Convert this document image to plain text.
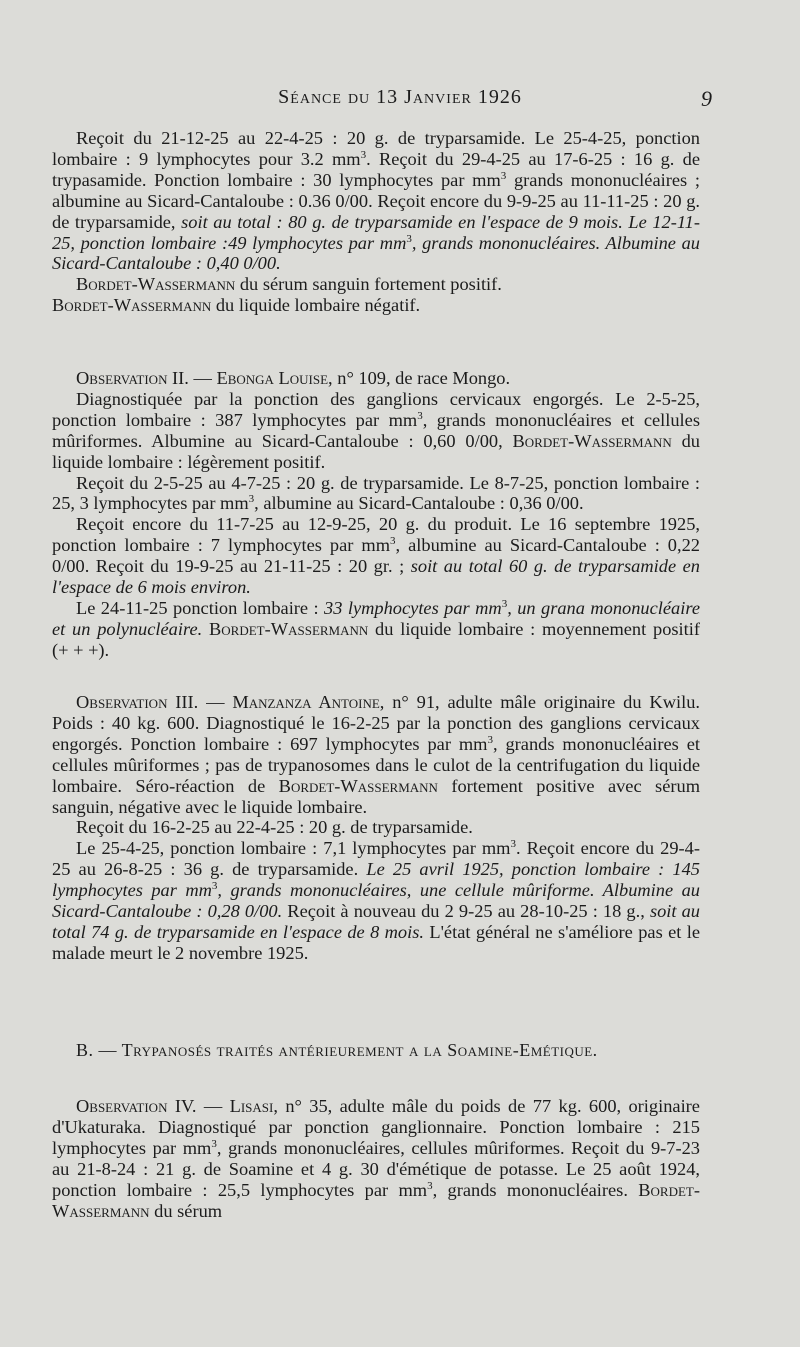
Séance du 13 Janvier 1926	9

Reçoit du 21-12-25 au 22-4-25 : 20 g. de tryparsamide. Le 25-4-25, ponction lombaire : 9 lymphocytes pour 3.2 $mm^3$. Reçoit du 29-4-25 au 17-6-25 : 16 g. de trypasamide. Ponction lombaire : 30 lymphocytes par $mm^3$ grands mononucléaires ; albumine au Sicard-Cantaloube : 0.36 0/00. Reçoit encore du 9-9-25 au 11-11-25 : 20 g. de tryparsamide, soit au total : 80 g. de tryparsamide en l'espace de 9 mois. Le 12-11-25, ponction lombaire :49 lymphocytes par $mm^3$, grands mononucléaires. Albumine au Sicard-Cantaloube : 0,40 0/00.

Bordet-Wassermann du sérum sanguin fortement positif.

Bordet-Wassermann du liquide lombaire négatif.

Observation II. — Ebonga Louise, n° 109, de race Mongo.

Diagnostiquée par la ponction des ganglions cervicaux engorgés. Le 2-5-25, ponction lombaire : 387 lymphocytes par $mm^3$, grands mononucléaires et cellules mûriformes. Albumine au Sicard-Cantaloube : 0,60 0/00, Bordet-Wassermann du liquide lombaire : légèrement positif.

Reçoit du 2-5-25 au 4-7-25 : 20 g. de tryparsamide. Le 8-7-25, ponction lombaire : 25, 3 lymphocytes par $mm^3$, albumine au Sicard-Cantaloube : 0,36 0/00.

Reçoit encore du 11-7-25 au 12-9-25, 20 g. du produit. Le 16 septembre 1925, ponction lombaire : 7 lymphocytes par $mm^3$, albumine au Sicard-Cantaloube : 0,22 0/00. Reçoit du 19-9-25 au 21-11-25 : 20 gr. ; soit au total 60 g. de tryparsamide en l'espace de 6 mois environ.

Le 24-11-25 ponction lombaire : 33 lymphocytes par $mm^3$, un grana mononucléaire et un polynucléaire. Bordet-Wassermann du liquide lombaire : moyennement positif (+ + +).

Observation III. — Manzanza Antoine, n° 91, adulte mâle originaire du Kwilu. Poids : 40 kg. 600. Diagnostiqué le 16-2-25 par la ponction des ganglions cervicaux engorgés. Ponction lombaire : 697 lymphocytes par $mm^3$, grands mononucléaires et cellules mûriformes ; pas de trypanosomes dans le culot de la centrifugation du liquide lombaire. Séro-réaction de Bordet-Wassermann fortement positive avec sérum sanguin, négative avec le liquide lombaire.

Reçoit du 16-2-25 au 22-4-25 : 20 g. de tryparsamide.

Le 25-4-25, ponction lombaire : 7,1 lymphocytes par $mm^3$. Reçoit encore du 29-4-25 au 26-8-25 : 36 g. de tryparsamide. Le 25 avril 1925, ponction lombaire : 145 lymphocytes par $mm^3$, grands mononucléaires, une cellule mûriforme. Albumine au Sicard-Cantaloube : 0,28 0/00. Reçoit à nouveau du 2 9-25 au 28-10-25 : 18 g., soit au total 74 g. de tryparsamide en l'espace de 8 mois. L'état général ne s'améliore pas et le malade meurt le 2 novembre 1925.

B. — Trypanosés traités antérieurement a la Soamine-Emétique.

Observation IV. — Lisasi, n° 35, adulte mâle du poids de 77 kg. 600, originaire d'Ukaturaka. Diagnostiqué par ponction ganglionnaire. Ponction lombaire : 215 lymphocytes par $mm^3$, grands mononucléaires, cellules mûriformes. Reçoit du 9-7-23 au 21-8-24 : 21 g. de Soamine et 4 g. 30 d'émétique de potasse. Le 25 août 1924, ponction lombaire : 25,5 lymphocytes par $mm^3$, grands mononucléaires. Bordet-Wassermann du sérum
